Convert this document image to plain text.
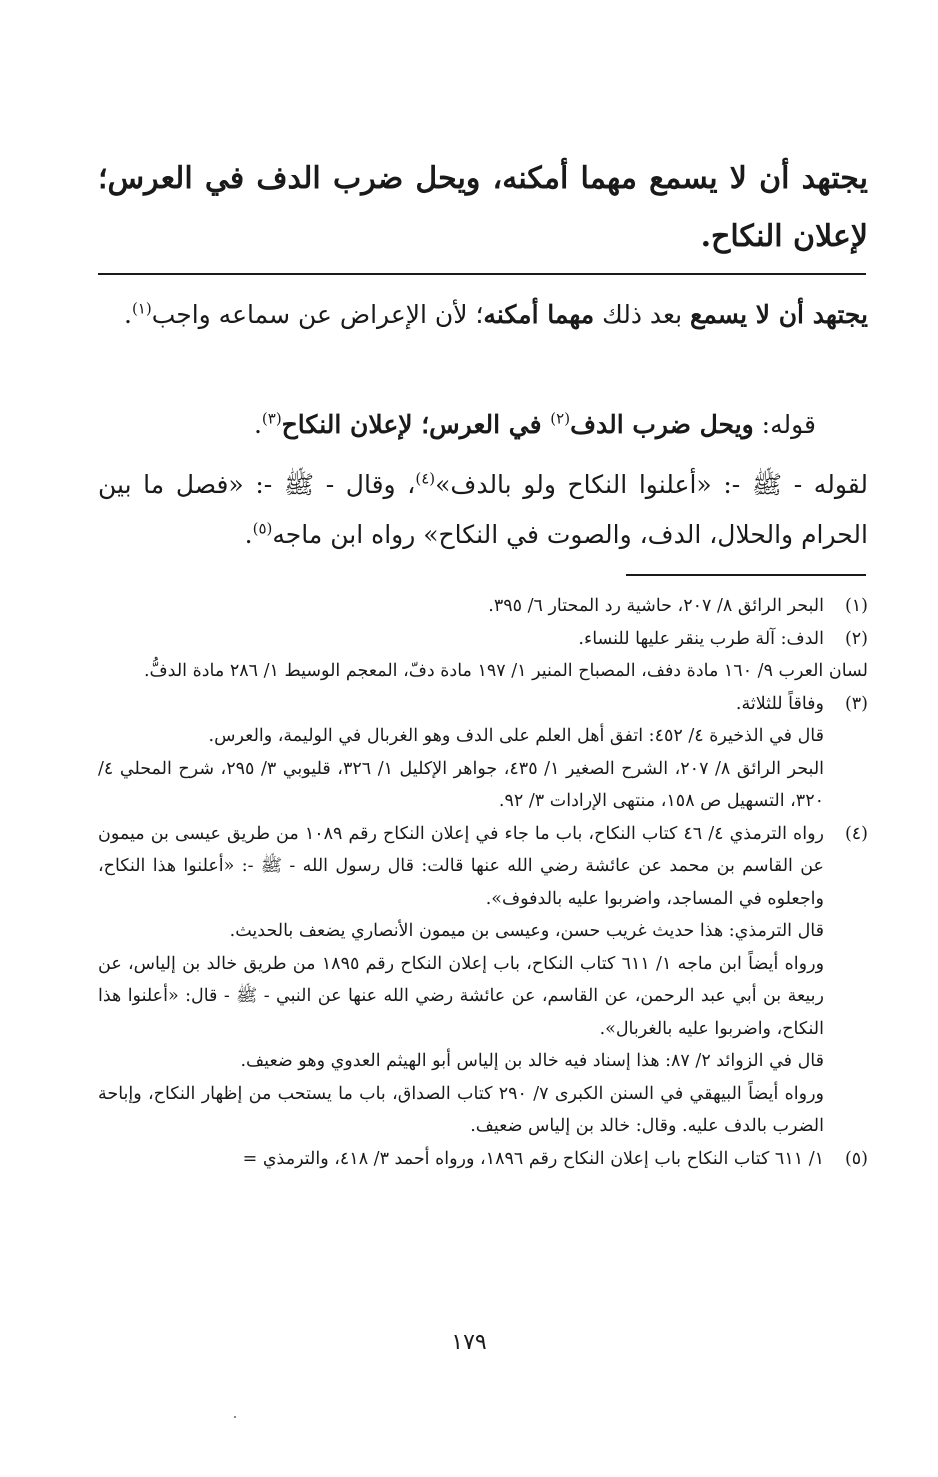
يجتهد أن لا يسمع مهما أمكنه، ويحل ضرب الدف في العرس؛ لإعلان النكاح.
يجتهد أن لا يسمع بعد ذلك مهما أمكنه؛ لأن الإعراض عن سماعه واجب$^{(١)}$.
قوله: ويحل ضرب الدف$^{(٢)}$ في العرس؛ لإعلان النكاح$^{(٣)}$.
لقوله - ﷺ -: «أعلنوا النكاح ولو بالدف»$^{(٤)}$، وقال - ﷺ -: «فصل ما بين الحرام والحلال، الدف، والصوت في النكاح» رواه ابن ماجه$^{(٥)}$.
(١)
البحر الرائق ٨/ ٢٠٧، حاشية رد المحتار ٦/ ٣٩٥.
(٢)
الدف: آلة طرب ينقر عليها للنساء.
لسان العرب ٩/ ١٦٠ مادة دفف، المصباح المنير ١/ ١٩٧ مادة دفّ، المعجم الوسيط ١/ ٢٨٦ مادة الدفُّ.
(٣)
وفاقاً للثلاثة.
قال في الذخيرة ٤/ ٤٥٢: اتفق أهل العلم على الدف وهو الغربال في الوليمة، والعرس.
البحر الرائق ٨/ ٢٠٧، الشرح الصغير ١/ ٤٣٥، جواهر الإكليل ١/ ٣٢٦، قليوبي ٣/ ٢٩٥، شرح المحلي ٤/ ٣٢٠، التسهيل ص ١٥٨، منتهى الإرادات ٣/ ٩٢.
(٤)
رواه الترمذي ٤/ ٤٦ كتاب النكاح، باب ما جاء في إعلان النكاح رقم ١٠٨٩ من طريق عيسى بن ميمون عن القاسم بن محمد عن عائشة رضي الله عنها قالت: قال رسول الله - ﷺ -: «أعلنوا هذا النكاح، واجعلوه في المساجد، واضربوا عليه بالدفوف».
قال الترمذي: هذا حديث غريب حسن، وعيسى بن ميمون الأنصاري يضعف بالحديث.
ورواه أيضاً ابن ماجه ١/ ٦١١ كتاب النكاح، باب إعلان النكاح رقم ١٨٩٥ من طريق خالد بن إلياس، عن ربيعة بن أبي عبد الرحمن، عن القاسم، عن عائشة رضي الله عنها عن النبي - ﷺ - قال: «أعلنوا هذا النكاح، واضربوا عليه بالغربال».
قال في الزوائد ٢/ ٨٧: هذا إسناد فيه خالد بن إلياس أبو الهيثم العدوي وهو ضعيف.
ورواه أيضاً البيهقي في السنن الكبرى ٧/ ٢٩٠ كتاب الصداق، باب ما يستحب من إظهار النكاح، وإباحة الضرب بالدف عليه. وقال: خالد بن إلياس ضعيف.
(٥)
١/ ٦١١ كتاب النكاح باب إعلان النكاح رقم ١٨٩٦، ورواه أحمد ٣/ ٤١٨، والترمذي =
١٧٩
